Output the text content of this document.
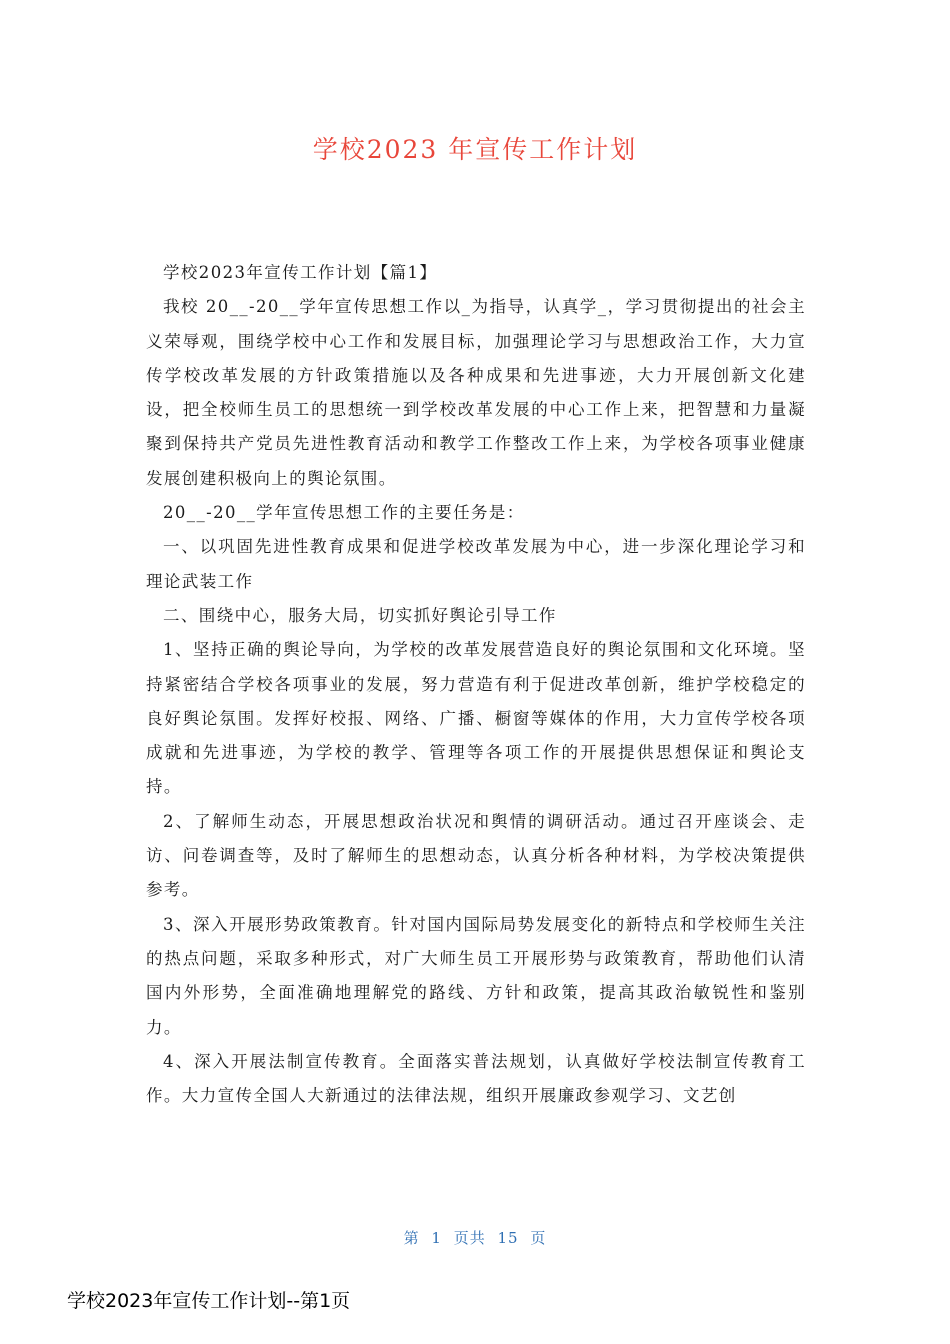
学校2023 年宣传工作计划

学校2023年宣传工作计划【篇1】

我校 20__-20__学年宣传思想工作以_为指导，认真学_，学习贯彻提出的社会主义荣辱观，围绕学校中心工作和发展目标，加强理论学习与思想政治工作，大力宣传学校改革发展的方针政策措施以及各种成果和先进事迹，大力开展创新文化建设，把全校师生员工的思想统一到学校改革发展的中心工作上来，把智慧和力量凝聚到保持共产党员先进性教育活动和教学工作整改工作上来，为学校各项事业健康发展创建积极向上的舆论氛围。

20__-20__学年宣传思想工作的主要任务是：

一、以巩固先进性教育成果和促进学校改革发展为中心，进一步深化理论学习和理论武装工作

二、围绕中心，服务大局，切实抓好舆论引导工作

1、坚持正确的舆论导向，为学校的改革发展营造良好的舆论氛围和文化环境。坚持紧密结合学校各项事业的发展，努力营造有利于促进改革创新，维护学校稳定的良好舆论氛围。发挥好校报、网络、广播、橱窗等媒体的作用，大力宣传学校各项成就和先进事迹，为学校的教学、管理等各项工作的开展提供思想保证和舆论支持。

2、了解师生动态，开展思想政治状况和舆情的调研活动。通过召开座谈会、走访、问卷调查等，及时了解师生的思想动态，认真分析各种材料，为学校决策提供参考。

3、深入开展形势政策教育。针对国内国际局势发展变化的新特点和学校师生关注的热点问题，采取多种形式，对广大师生员工开展形势与政策教育，帮助他们认清国内外形势，全面准确地理解党的路线、方针和政策，提高其政治敏锐性和鉴别力。

4、深入开展法制宣传教育。全面落实普法规划，认真做好学校法制宣传教育工作。大力宣传全国人大新通过的法律法规，组织开展廉政参观学习、文艺创

第 1 页共 15 页
学校2023年宣传工作计划--第1页
